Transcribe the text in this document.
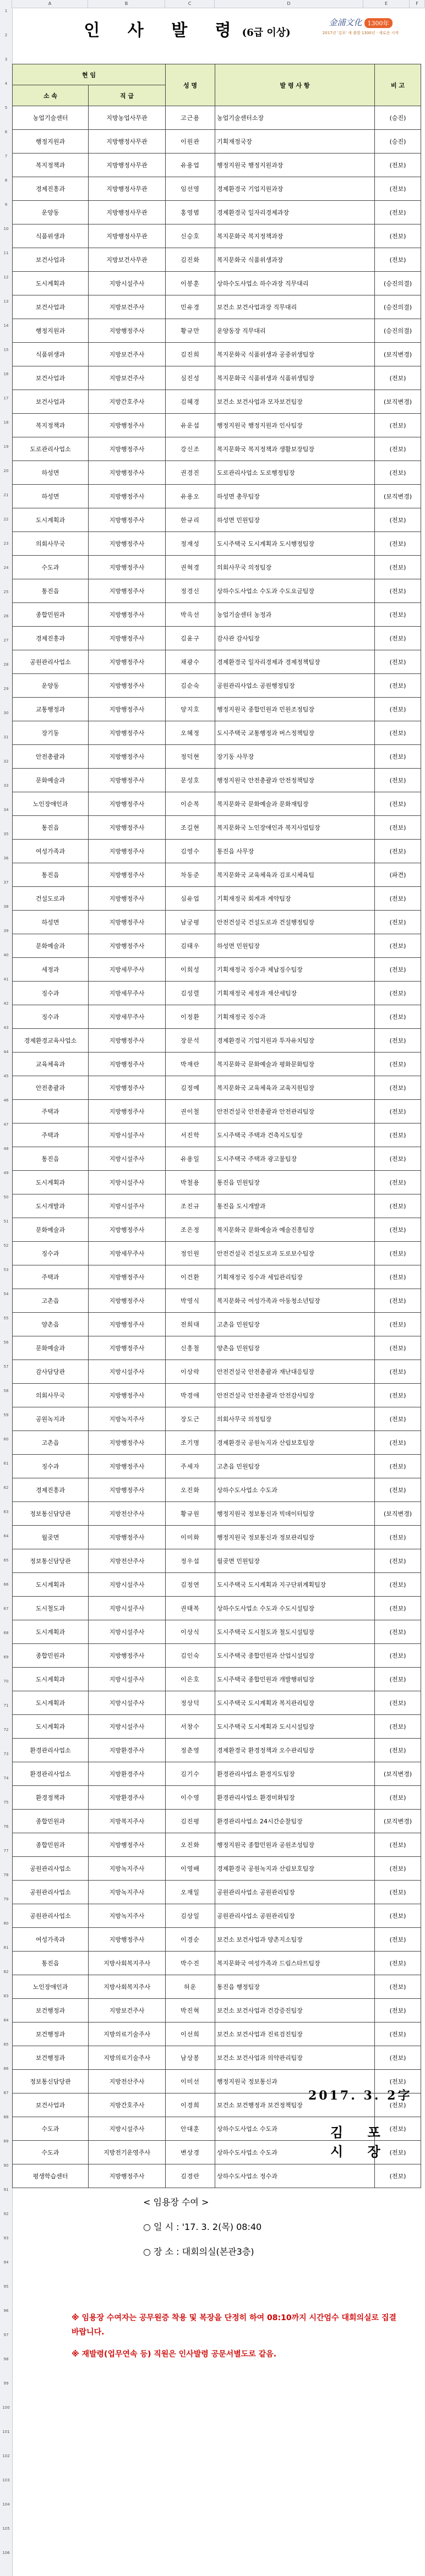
A	B	C	D	E	F
1
2
3
4
5
6
7
8
9
10
11
12
13
14
15
16
17
18
19
20
21
22
23
24
25
26
27
28
29
30
31
32
33
34
35
36
37
38
39
40
41
42
43
44
45
46
47
48
49
50
51
52
53
54
55
56
57
58
59
60
61
62
63
64
65
66
67
68
69
70
71
72
73
74
75
76
77
78
79
80
81
82
83
84
85
86
87
88
89
90
91
92
93
94
95
96
97
98
99
100
101
102
103
104
105
106
인 사 발 령(6급 이상)
金浦文化 1300年
2017년 '김포' 새 출발 1300년 · 새로운 시작
현 임		성 명	발 령 사 항	비 고
소 속	직 급			
농업기술센터	지방농업사무관	고근용	농업기술센터소장	(승진)
행정지원과	지방행정사무관	이원관	기획재정국장	(승진)
복지정책과	지방행정사무관	유용업	행정지원국 행정지원과장	(전보)
경제진흥과	지방행정사무관	임선영	경제환경국 기업지원과장	(전보)
운양동	지방행정사무관	홍영범	경제환경국 일자리경제과장	(전보)
식품위생과	지방행정사무관	신승호	복지문화국 복지정책과장	(전보)
보건사업과	지방보건사무관	김진화	복지문화국 식품위생과장	(전보)
도시계획과	지방시설주사	이봉훈	상하수도사업소 하수과장 직무대리	(승진의결)
보건사업과	지방보건주사	민유경	보건소 보건사업과장 직무대리	(승진의결)
행정지원과	지방행정주사	황규만	운양동장 직무대리	(승진의결)
식품위생과	지방보건주사	김진희	복지문화국 식품위생과 공중위생팀장	(보직변경)
보건사업과	지방보건주사	심진성	복지문화국 식품위생과 식품위생팀장	(전보)
보건사업과	지방간호주사	김혜경	보건소 보건사업과 모자보건팀장	(보직변경)
복지정책과	지방행정주사	유운섭	행정지원국 행정지원과 인사팀장	(전보)
도로관리사업소	지방행정주사	강신조	복지문화국 복지정책과 생활보장팀장	(전보)
하성면	지방행정주사	권경진	도로관리사업소 도로행정팀장	(전보)
하성면	지방행정주사	유용오	하성면 총무팀장	(보직변경)
도시계획과	지방행정주사	한규리	하성면 민원팀장	(전보)
의회사무국	지방행정주사	정재성	도시주택국 도시계획과 도시행정팀장	(전보)
수도과	지방행정주사	권혁경	의회사무국 의정팀장	(전보)
통진읍	지방행정주사	정경신	상하수도사업소 수도과 수도요금팀장	(전보)
종합민원과	지방행정주사	박옥선	농업기술센터 농정과	(전보)
경제진흥과	지방행정주사	김윤구	감사관 감사팀장	(전보)
공원관리사업소	지방행정주사	채광수	경제환경국 일자리경제과 경제정책팀장	(전보)
운양동	지방행정주사	김순숙	공원관리사업소 공원행정팀장	(전보)
교통행정과	지방행정주사	양지호	행정지원국 종합민원과 민원조정팀장	(전보)
장기동	지방행정주사	오혜정	도시주택국 교통행정과 버스정책팀장	(전보)
안전총괄과	지방행정주사	정덕현	장기동 사무장	(전보)
문화예술과	지방행정주사	문성호	행정지원국 안전총괄과 안전정책팀장	(전보)
노인장애인과	지방행정주사	이순복	복지문화국 문화예술과 문화재팀장	(전보)
통진읍	지방행정주사	조길현	복지문화국 노인장애인과 복지사업팀장	(전보)
여성가족과	지방행정주사	김영수	통진읍 사무장	(전보)
통진읍	지방행정주사	차동준	복지문화국 교육체육과 김포시체육팀	(파견)
건설도로과	지방행정주사	심유업	기획재정국 회계과 계약팀장	(전보)
하성면	지방행정주사	남궁평	안전건설국 건설도로과 건설행정팀장	(전보)
문화예술과	지방행정주사	김태우	하성면 민원팀장	(전보)
세정과	지방세무주사	이희성	기획재정국 징수과 체납징수팀장	(전보)
징수과	지방세무주사	김성렬	기획재정국 세정과 재산세팀장	(전보)
징수과	지방세무주사	이정환	기획재정국 징수과	(전보)
경제환경교육사업소	지방행정주사	장문석	경제환경국 기업지원과 투자유치팀장	(전보)
교육체육과	지방행정주사	박재란	복지문화국 문화예술과 평화문화팀장	(전보)
안전총괄과	지방행정주사	김정예	복지문화국 교육체육과 교육지원팀장	(전보)
주택과	지방행정주사	권이철	안전건설국 안전총괄과 안전관리팀장	(전보)
주택과	지방시설주사	서진학	도시주택국 주택과 건축지도팀장	(전보)
통진읍	지방시설주사	유용일	도시주택국 주택과 광고물팀장	(전보)
도시계획과	지방시설주사	박철용	통진읍 민원팀장	(전보)
도시개발과	지방시설주사	조진규	통진읍 도시개발과	(전보)
문화예술과	지방행정주사	조은정	복지문화국 문화예술과 예술진흥팀장	(전보)
징수과	지방세무주사	정인원	안전건설국 건설도로과 도로보수팀장	(전보)
주택과	지방행정주사	이건환	기획재정국 징수과 세입관리팀장	(전보)
고촌읍	지방행정주사	박영식	복지문화국 여성가족과 아동청소년팀장	(전보)
양촌읍	지방행정주사	전희대	고촌읍 민원팀장	(전보)
문화예술과	지방행정주사	신흥철	양촌읍 민원팀장	(전보)
감사담당관	지방시설주사	이상락	안전건설국 안전총괄과 재난대응팀장	(전보)
의회사무국	지방행정주사	박경애	안전건설국 안전총괄과 안전감사팀장	(전보)
공원녹지과	지방녹지주사	장도근	의회사무국 의정팀장	(전보)
고촌읍	지방행정주사	조기명	경제환경국 공원녹지과 산림보호팀장	(전보)
징수과	지방행정주사	주세자	고촌읍 민원팀장	(전보)
경제진흥과	지방행정주사	오진화	상하수도사업소 수도과	(전보)
정보통신담당관	지방전산주사	황규원	행정지원국 정보통신과 빅데이터팀장	(보직변경)
월곶면	지방행정주사	이미화	행정지원국 정보통신과 정보관리팀장	(전보)
정보통신담당관	지방전산주사	정우섭	월곶면 민원팀장	(전보)
도시계획과	지방시설주사	김정연	도시주택국 도시계획과 지구단위계획팀장	(전보)
도시철도과	지방시설주사	권태복	상하수도사업소 수도과 수도시설팀장	(전보)
도시계획과	지방시설주사	이상식	도시주택국 도시철도과 철도시설팀장	(전보)
종합민원과	지방행정주사	김인숙	도시주택국 종합민원과 산업시설팀장	(전보)
도시계획과	지방시설주사	이은호	도시주택국 종합민원과 개발행위팀장	(전보)
도시계획과	지방시설주사	정상덕	도시주택국 도시계획과 복지관리팀장	(전보)
도시계획과	지방시설주사	서창수	도시주택국 도시계획과 도시시설팀장	(전보)
환경관리사업소	지방환경주사	정춘영	경제환경국 환경정책과 오수관리팀장	(전보)
환경관리사업소	지방환경주사	김기수	환경관리사업소 환경지도팀장	(보직변경)
환경정책과	지방환경주사	이수영	환경관리사업소 환경미화팀장	(전보)
종합민원과	지방복지주사	김진평	환경관리사업소 24시간순찰팀장	(보직변경)
종합민원과	지방행정주사	오진화	행정지원국 종합민원과 공원조성팀장	(전보)
공원관리사업소	지방녹지주사	이영배	경제환경국 공원녹지과 산림보호팀장	(전보)
공원관리사업소	지방녹지주사	오재일	공원관리사업소 공원관리팀장	(전보)
공원관리사업소	지방녹지주사	김상일	공원관리사업소 공원관리팀장	(전보)
여성가족과	지방행정주사	이경순	보건소 보건사업과 양촌지소팀장	(전보)
통진읍	지방사회복지주사	박수진	복지문화국 여성가족과 드림스타트팀장	(전보)
노인장애인과	지방사회복지주사	허운	통진읍 행정팀장	(전보)
보건행정과	지방보건주사	박진혁	보건소 보건사업과 건강증진팀장	(전보)
보건행정과	지방의료기술주사	이선희	보건소 보건사업과 진료검진팀장	(전보)
보건행정과	지방의료기술주사	남상봉	보건소 보건사업과 의약관리팀장	(전보)
정보통신담당관	지방전산주사	이미선	행정지원국 정보통신과	(전보)
보건사업과	지방간호주사	이경희	보건소 보건행정과 보건정책팀장	(전보)
수도과	지방시설주사	안대훈	상하수도사업소 수도과	(전보)
수도과	지방전기운영주사	변상경	상하수도사업소 수도과	(전보)
평생학습센터	지방행정주사	김경란	상하수도사업소 정수과	(전보)
2017. 3. 2字
김 포 시 장
< 임용장 수여 >
○ 일 시 : '17. 3. 2(목) 08:40
○ 장 소 : 대회의실(본관3층)
※ 임용장 수여자는 공무원증 착용 및 복장을 단정히 하여 08:10까지 시간엄수 대회의실로 집결바랍니다.
※ 재발령(업무연속 등) 직원은 인사발령 공문서별도로 같음.
